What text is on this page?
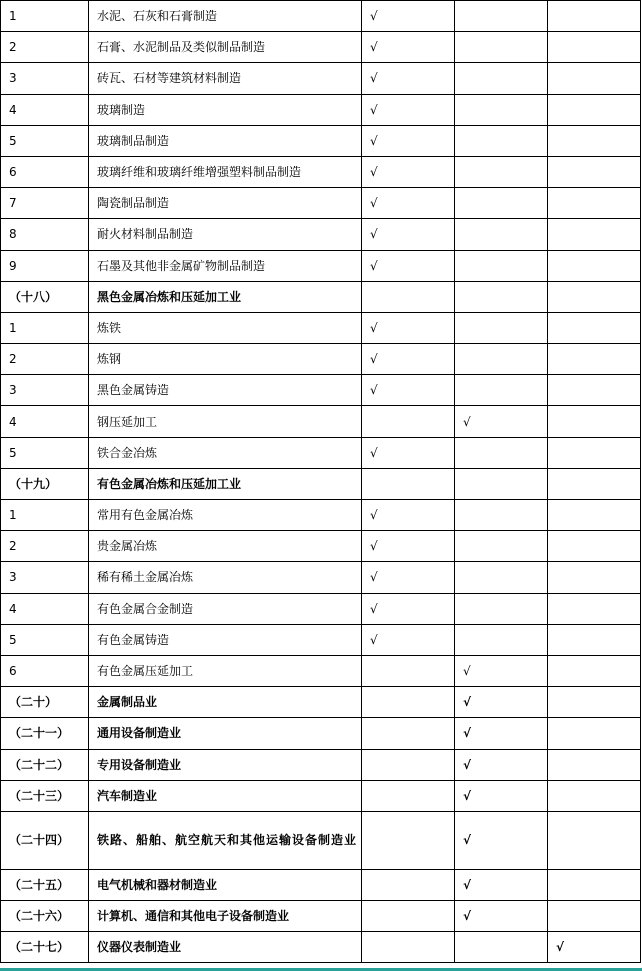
1	水泥、石灰和石膏制造	√		
2	石膏、水泥制品及类似制品制造	√		
3	砖瓦、石材等建筑材料制造	√		
4	玻璃制造	√		
5	玻璃制品制造	√		
6	玻璃纤维和玻璃纤维增强塑料制品制造	√		
7	陶瓷制品制造	√		
8	耐火材料制品制造	√		
9	石墨及其他非金属矿物制品制造	√		
（十八）	黑色金属冶炼和压延加工业			
1	炼铁	√		
2	炼钢	√		
3	黑色金属铸造	√		
4	钢压延加工		√	
5	铁合金冶炼	√		
（十九）	有色金属冶炼和压延加工业			
1	常用有色金属冶炼	√		
2	贵金属冶炼	√		
3	稀有稀土金属冶炼	√		
4	有色金属合金制造	√		
5	有色金属铸造	√		
6	有色金属压延加工		√	
（二十）	金属制品业		√	
（二十一）	通用设备制造业		√	
（二十二）	专用设备制造业		√	
（二十三）	汽车制造业		√	
（二十四）	铁路、船舶、航空航天和其他运输设备制造业		√	
（二十五）	电气机械和器材制造业		√	
（二十六）	计算机、通信和其他电子设备制造业		√	
（二十七）	仪器仪表制造业			√
